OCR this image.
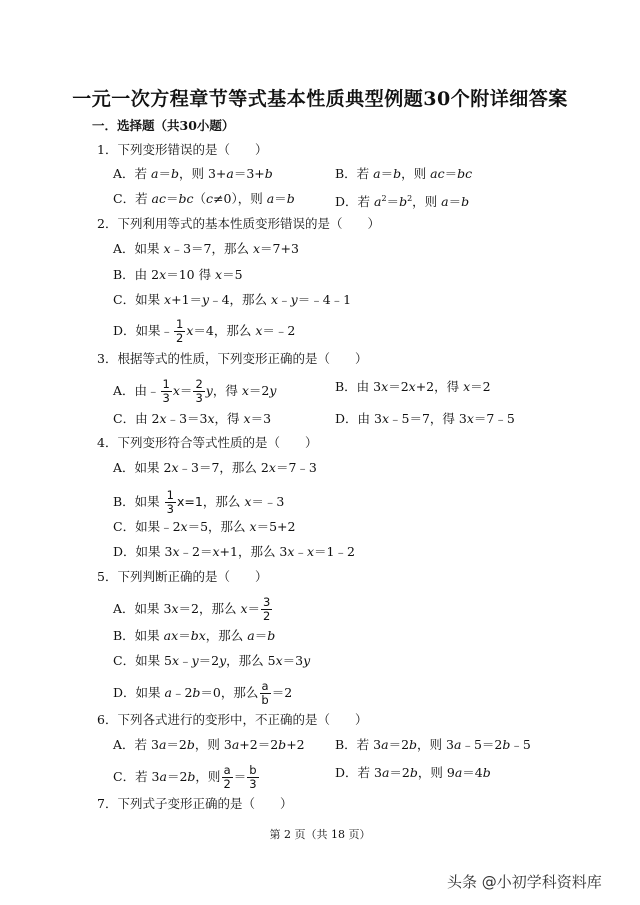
一元一次方程章节等式基本性质典型例题30个附详细答案
一．选择题（共30小题）
1．下列变形错误的是（　　）
A．若 a＝b，则 3+a＝3+b	B．若 a＝b，则 ac＝bc
C．若 ac＝bc（c≠0），则 a＝b	D．若 $a^2=b^2$，则 a＝b
2．下列利用等式的基本性质变形错误的是（　　）
A．如果 x﹣3＝7，那么 x＝7+3
B．由 2x＝10 得 x＝5
C．如果 x+1＝y﹣4，那么 x﹣y＝﹣4﹣1
D．如果﹣ $\frac{1}{2} x=4$，那么 x＝﹣2
3．根据等式的性质，下列变形正确的是（　　）
A．由﹣ $\frac{1}{3} x= \frac{2}{3}$ y，得 x＝2y	B．由 3x＝2x+2，得 x＝2
C．由 2x﹣3＝3x，得 x＝3	D．由 3x﹣5＝7，得 3x＝7﹣5
4．下列变形符合等式性质的是（　　）
A．如果 2x﹣3＝7，那么 2x＝7﹣3
B．如果 $\frac{1}{3} x=1$，那么 x＝﹣3
C．如果﹣2x＝5，那么 x＝5+2
D．如果 3x﹣2＝x+1，那么 3x﹣x＝1﹣2
5．下列判断正确的是（　　）
A．如果 3x＝2，那么 $x= \frac{3}{2}$
B．如果 ax＝bx，那么 a＝b
C．如果 5x﹣y＝2y，那么 5x＝3y
D．如果 a﹣2b＝0，那么 $\frac{a}{b} =2$
6．下列各式进行的变形中，不正确的是（　　）
A．若 3a＝2b，则 3a+2＝2b+2 B．若 3a＝2b，则 3a﹣5＝2b﹣5
C．若 3a＝2b，则 $\frac{a}{2} = \frac{b}{3}$	D．若 3a＝2b，则 9a＝4b
7．下列式子变形正确的是（　　）
第 2 页（共 18 页）
头条 @小初学科资料库
